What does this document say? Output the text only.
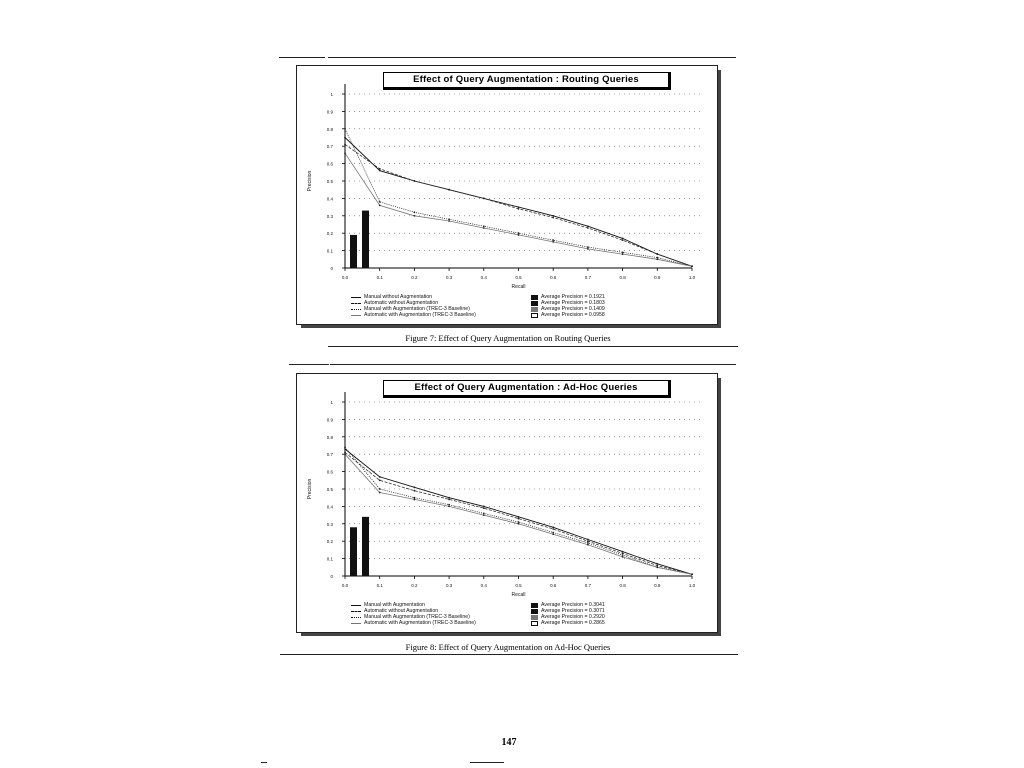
0
0.1
0.2
0.3
0.4
0.5
0.6
0.7
0.8
0.9
1
0.0	0.1	0.2	0.3	0.4	0.5	0.6	0.7	0.8	0.9	1.0
Recall
Precision
Effect of Query Augmentation : Routing Queries
Manual without Augmentation
Automatic without Augmentation
Manual with Augmentation (TREC-3 Baseline)
Automatic with Augmentation (TREC-3 Baseline)
Average Precision = 0.1921
Average Precision = 0.1803
Average Precision = 0.1409
Average Precision = 0.0958
Figure 7: Effect of Query Augmentation on Routing Queries
0
0.1
0.2
0.3
0.4
0.5
0.6
0.7
0.8
0.9
1
0.0	0.1	0.2	0.3	0.4	0.5	0.6	0.7	0.8	0.9	1.0
Recall
Precision
Effect of Query Augmentation : Ad-Hoc Queries
Manual with Augmentation
Automatic without Augmentation
Manual with Augmentation (TREC-3 Baseline)
Automatic with Augmentation (TREC-3 Baseline)
Average Precision = 0.3041
Average Precision = 0.3071
Average Precision = 0.2920
Average Precision = 0.2865
Figure 8: Effect of Query Augmentation on Ad-Hoc Queries
147
